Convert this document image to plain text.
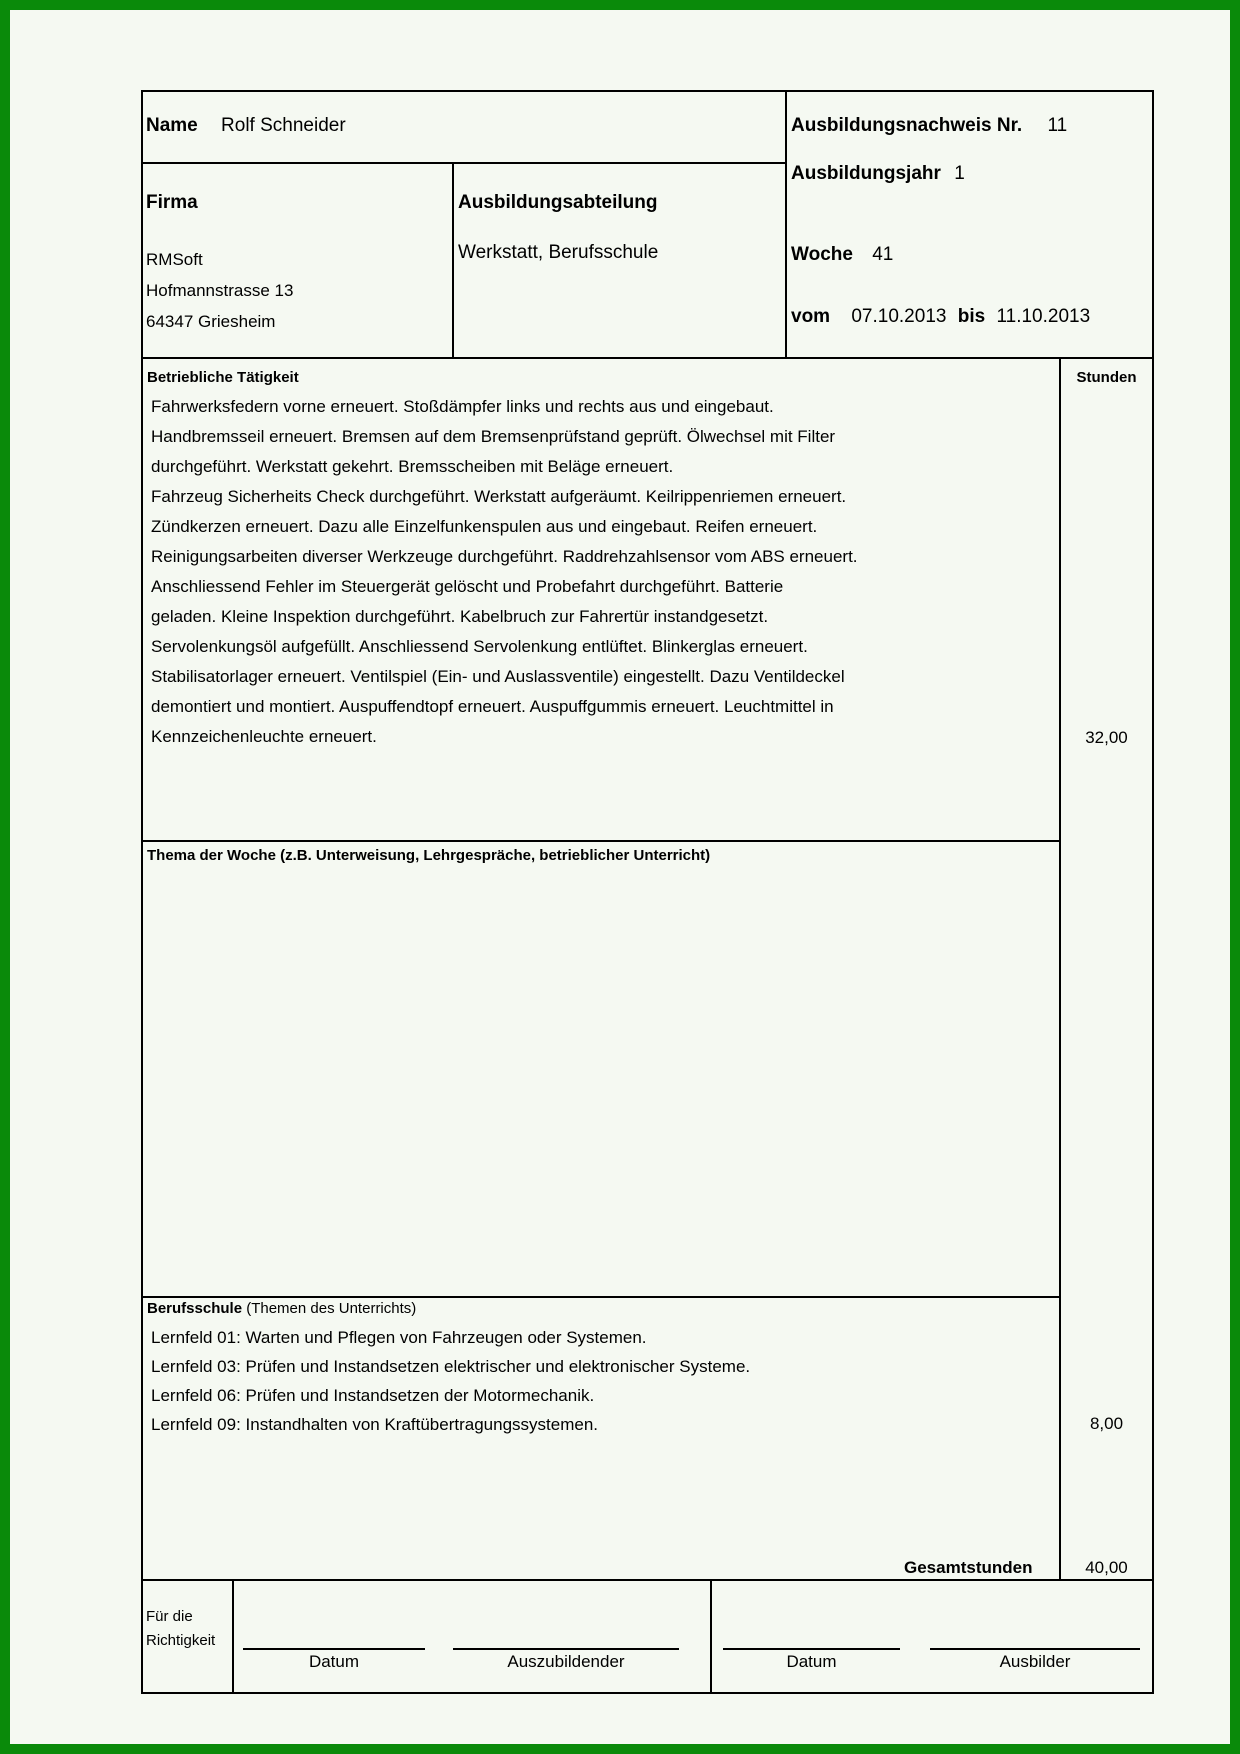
Name Rolf Schneider
Firma
RMSoft
Hofmannstrasse 13
64347 Griesheim
Ausbildungsabteilung
Werkstatt, Berufsschule
Ausbildungsnachweis Nr. 11
Ausbildungsjahr 1
Woche 41
vom 07.10.2013 bis 11.10.2013
Betriebliche Tätigkeit	Stunden
Fahrwerksfedern vorne erneuert. Stoßdämpfer links und rechts aus und eingebaut.
Handbremsseil erneuert. Bremsen auf dem Bremsenprüfstand geprüft. Ölwechsel mit Filter
durchgeführt. Werkstatt gekehrt. Bremsscheiben mit Beläge erneuert.
Fahrzeug Sicherheits Check durchgeführt. Werkstatt aufgeräumt. Keilrippenriemen erneuert.
Zündkerzen erneuert. Dazu alle Einzelfunkenspulen aus und eingebaut. Reifen erneuert.
Reinigungsarbeiten diverser Werkzeuge durchgeführt. Raddrehzahlsensor vom ABS erneuert.
Anschliessend Fehler im Steuergerät gelöscht und Probefahrt durchgeführt. Batterie
geladen. Kleine Inspektion durchgeführt. Kabelbruch zur Fahrertür instandgesetzt.
Servolenkungsöl aufgefüllt. Anschliessend Servolenkung entlüftet. Blinkerglas erneuert.
Stabilisatorlager erneuert. Ventilspiel (Ein- und Auslassventile) eingestellt. Dazu Ventildeckel
demontiert und montiert. Auspuffendtopf erneuert. Auspuffgummis erneuert. Leuchtmittel in
Kennzeichenleuchte erneuert.	32,00
Thema der Woche (z.B. Unterweisung, Lehrgespräche, betrieblicher Unterricht)
Berufsschule (Themen des Unterrichts)
Lernfeld 01: Warten und Pflegen von Fahrzeugen oder Systemen.
Lernfeld 03: Prüfen und Instandsetzen elektrischer und elektronischer Systeme.
Lernfeld 06: Prüfen und Instandsetzen der Motormechanik.
Lernfeld 09: Instandhalten von Kraftübertragungssystemen.	8,00
Gesamtstunden	40,00
Für die
Richtigkeit
Datum	Auszubildender	Datum	Ausbilder
